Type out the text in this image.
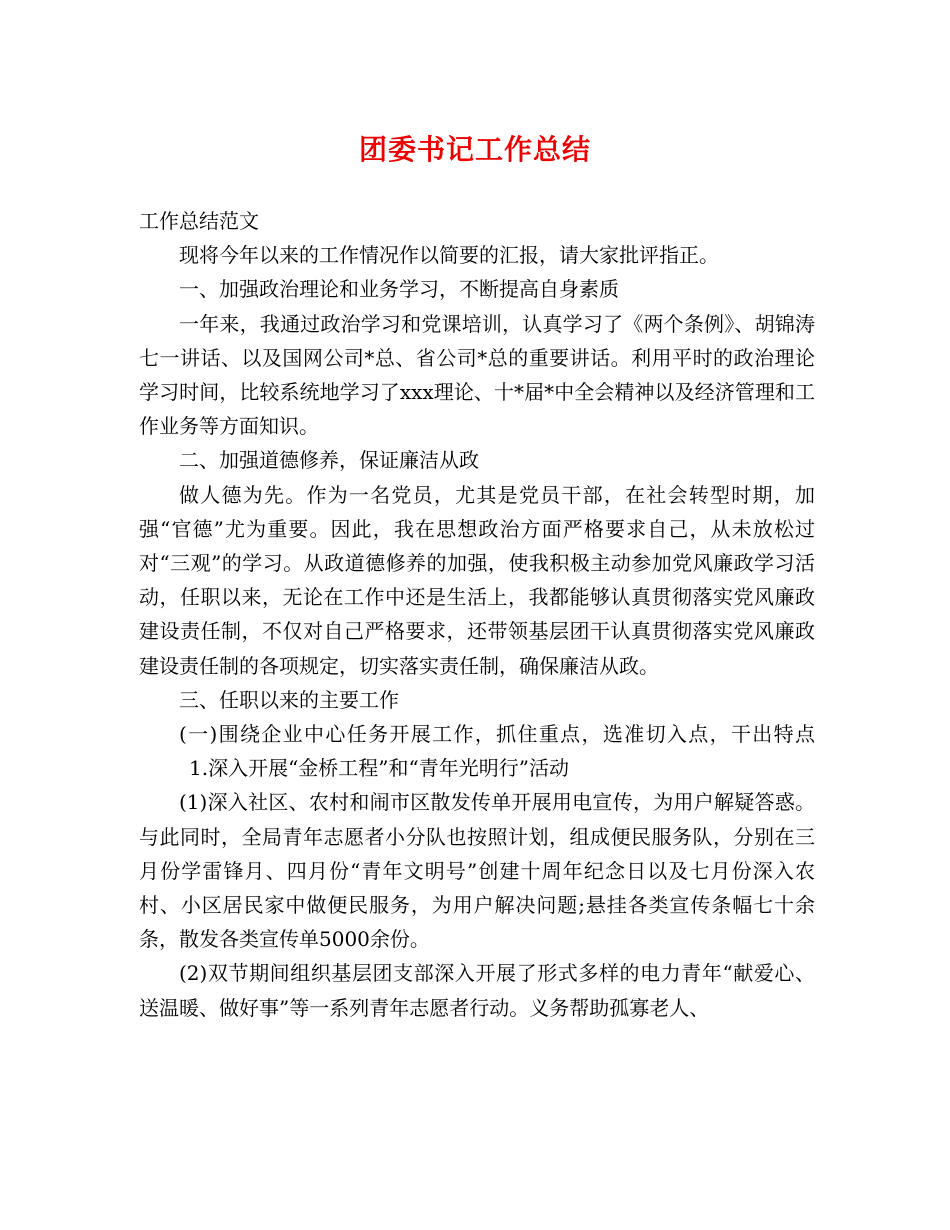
团委书记工作总结

工作总结范文

现将今年以来的工作情况作以简要的汇报，请大家批评指正。

一、加强政治理论和业务学习，不断提高自身素质

一年来，我通过政治学习和党课培训，认真学习了《两个条例》、胡锦涛七一讲话、以及国网公司*总、省公司*总的重要讲话。利用平时的政治理论学习时间，比较系统地学习了xxx理论、十*届*中全会精神以及经济管理和工作业务等方面知识。

二、加强道德修养，保证廉洁从政

做人德为先。作为一名党员，尤其是党员干部，在社会转型时期，加强“官德”尤为重要。因此，我在思想政治方面严格要求自己，从未放松过对“三观”的学习。从政道德修养的加强，使我积极主动参加党风廉政学习活动，任职以来，无论在工作中还是生活上，我都能够认真贯彻落实党风廉政建设责任制，不仅对自己严格要求，还带领基层团干认真贯彻落实党风廉政建设责任制的各项规定，切实落实责任制，确保廉洁从政。

三、任职以来的主要工作

(一)围绕企业中心任务开展工作，抓住重点，选准切入点，干出特点1.深入开展“金桥工程”和“青年光明行”活动

(1)深入社区、农村和闹市区散发传单开展用电宣传，为用户解疑答惑。与此同时，全局青年志愿者小分队也按照计划，组成便民服务队，分别在三月份学雷锋月、四月份“青年文明号”创建十周年纪念日以及七月份深入农村、小区居民家中做便民服务，为用户解决问题;悬挂各类宣传条幅七十余条，散发各类宣传单5000余份。

(2)双节期间组织基层团支部深入开展了形式多样的电力青年“献爱心、送温暖、做好事”等一系列青年志愿者行动。义务帮助孤寡老人、
